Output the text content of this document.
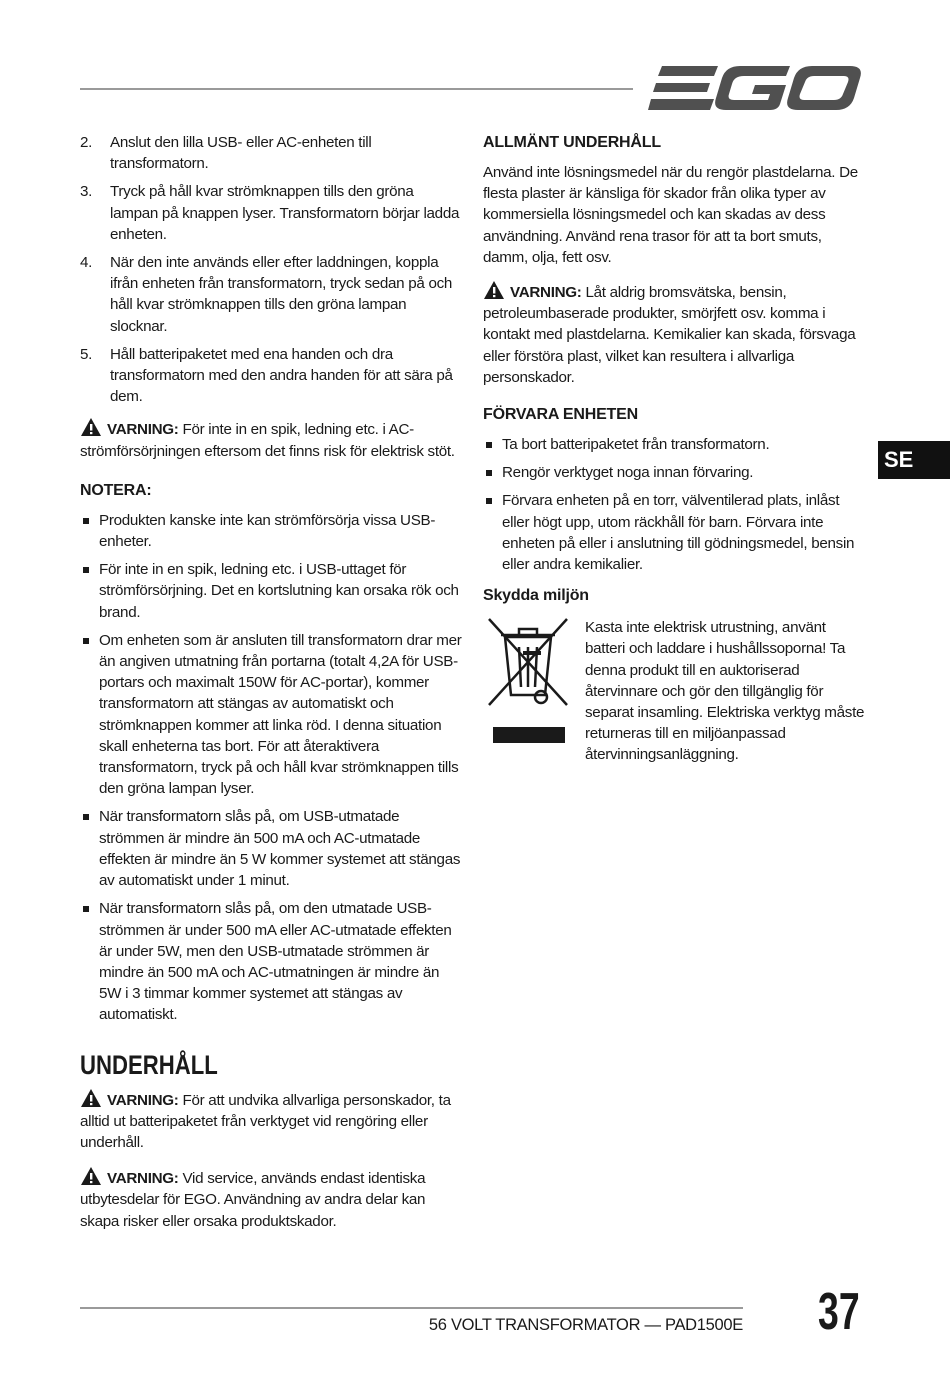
2. Anslut den lilla USB- eller AC-enheten till transformatorn.
3. Tryck på håll kvar strömknappen tills den gröna lampan på knappen lyser. Transformatorn börjar ladda enheten.
4. När den inte används eller efter laddningen, koppla ifrån enheten från transformatorn, tryck sedan på och håll kvar strömknappen tills den gröna lampan slocknar.
5. Håll batteripaketet med ena handen och dra transformatorn med den andra handen för att sära på dem.

VARNING: För inte in en spik, ledning etc. i AC-strömförsörjningen eftersom det finns risk för elektrisk stöt.

NOTERA:
Produkten kanske inte kan strömförsörja vissa USB-enheter.
För inte in en spik, ledning etc. i USB-uttaget för strömförsörjning. Det en kortslutning kan orsaka rök och brand.
Om enheten som är ansluten till transformatorn drar mer än angiven utmatning från portarna (totalt 4,2A för USB-portars och maximalt 150W för AC-portar), kommer transformatorn att stängas av automatiskt och strömknappen kommer att linka röd. I denna situation skall enheterna tas bort. För att återaktivera transformatorn, tryck på och håll kvar strömknappen tills den gröna lampan lyser.
När transformatorn slås på, om USB-utmatade strömmen är mindre än 500 mA och AC-utmatade effekten är mindre än 5 W kommer systemet att stängas av automatiskt under 1 minut.
När transformatorn slås på, om den utmatade USB-strömmen är under 500 mA eller AC-utmatade effekten är under 5W, men den USB-utmatade strömmen är mindre än 500 mA och AC-utmatningen är mindre än 5W i 3 timmar kommer systemet att stängas av automatiskt.
UNDERHÅLL

VARNING: För att undvika allvarliga personskador, ta alltid ut batteripaketet från verktyget vid rengöring eller underhåll.

VARNING: Vid service, används endast identiska utbytesdelar för EGO. Användning av andra delar kan skapa risker eller orsaka produktskador.

ALLMÄNT UNDERHÅLL

Använd inte lösningsmedel när du rengör plastdelarna. De flesta plaster är känsliga för skador från olika typer av kommersiella lösningsmedel och kan skadas av dess användning. Använd rena trasor för att ta bort smuts, damm, olja, fett osv.

VARNING: Låt aldrig bromsvätska, bensin, petroleumbaserade produkter, smörjfett osv. komma i kontakt med plastdelarna. Kemikalier kan skada, försvaga eller förstöra plast, vilket kan resultera i allvarliga personskador.

FÖRVARA ENHETEN
Ta bort batteripaketet från transformatorn.
Rengör verktyget noga innan förvaring.
Förvara enheten på en torr, välventilerad plats, inlåst eller högt upp, utom räckhåll för barn. Förvara inte enheten på eller i anslutning till gödningsmedel, bensin eller andra kemikalier.
Skydda miljön

Kasta inte elektrisk utrustning, använt batteri och laddare i hushållssoporna! Ta denna produkt till en auktoriserad återvinnare och gör den tillgänglig för separat insamling. Elektriska verktyg måste returneras till en miljöanpassad återvinningsanläggning.

SE
56 VOLT TRANSFORMATOR — PAD1500E 37
